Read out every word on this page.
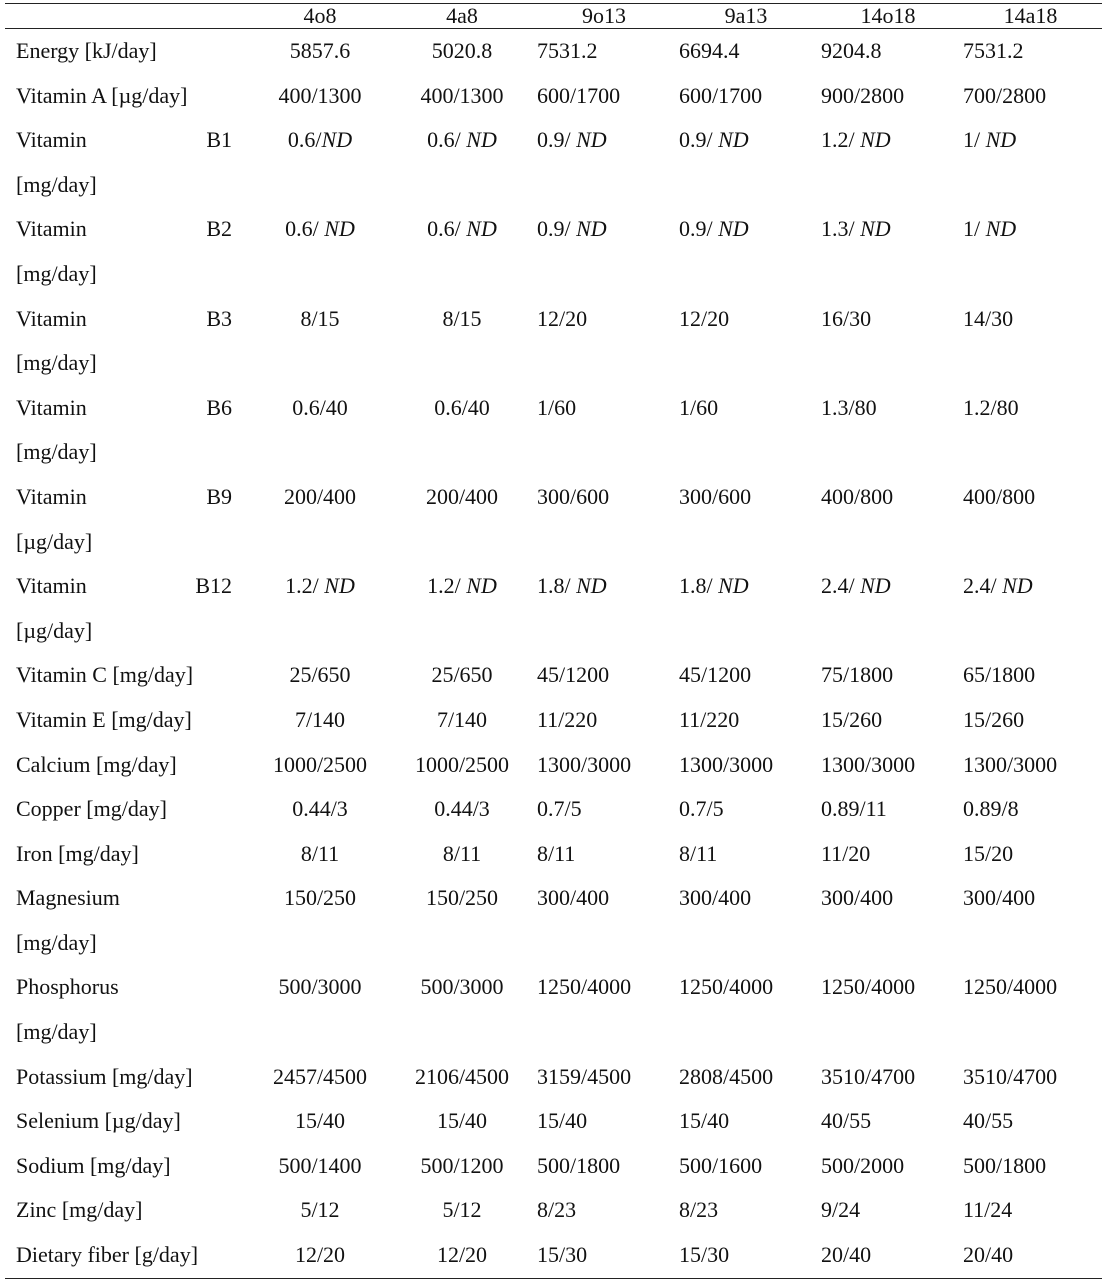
	4o8	4a8	9o13	9a13	14o18	14a18
Energy [kJ/day]	5857.6	5020.8	7531.2	6694.4	9204.8	7531.2
Vitamin A [µg/day]	400/1300	400/1300	600/1700	600/1700	900/2800	700/2800

Vitamin B1
[mg/day]	0.6/ND	0.6/ ND	0.9/ ND	0.9/ ND	1.2/ ND	1/ ND

Vitamin B2
[mg/day]	0.6/ ND	0.6/ ND	0.9/ ND	0.9/ ND	1.3/ ND	1/ ND

Vitamin B3
[mg/day]	8/15	8/15	12/20	12/20	16/30	14/30

Vitamin B6
[mg/day]	0.6/40	0.6/40	1/60	1/60	1.3/80	1.2/80

Vitamin B9
[µg/day]	200/400	200/400	300/600	300/600	400/800	400/800

Vitamin B12
[µg/day]	1.2/ ND	1.2/ ND	1.8/ ND	1.8/ ND	2.4/ ND	2.4/ ND
Vitamin C [mg/day]	25/650	25/650	45/1200	45/1200	75/1800	65/1800
Vitamin E [mg/day]	7/140	7/140	11/220	11/220	15/260	15/260
Calcium [mg/day]	1000/2500	1000/2500	1300/3000	1300/3000	1300/3000	1300/3000
Copper [mg/day]	0.44/3	0.44/3	0.7/5	0.7/5	0.89/11	0.89/8
Iron [mg/day]	8/11	8/11	8/11	8/11	11/20	15/20

Magnesium
[mg/day]	150/250	150/250	300/400	300/400	300/400	300/400

Phosphorus
[mg/day]	500/3000	500/3000	1250/4000	1250/4000	1250/4000	1250/4000
Potassium [mg/day]	2457/4500	2106/4500	3159/4500	2808/4500	3510/4700	3510/4700
Selenium [µg/day]	15/40	15/40	15/40	15/40	40/55	40/55
Sodium [mg/day]	500/1400	500/1200	500/1800	500/1600	500/2000	500/1800
Zinc [mg/day]	5/12	5/12	8/23	8/23	9/24	11/24
Dietary fiber [g/day]	12/20	12/20	15/30	15/30	20/40	20/40
